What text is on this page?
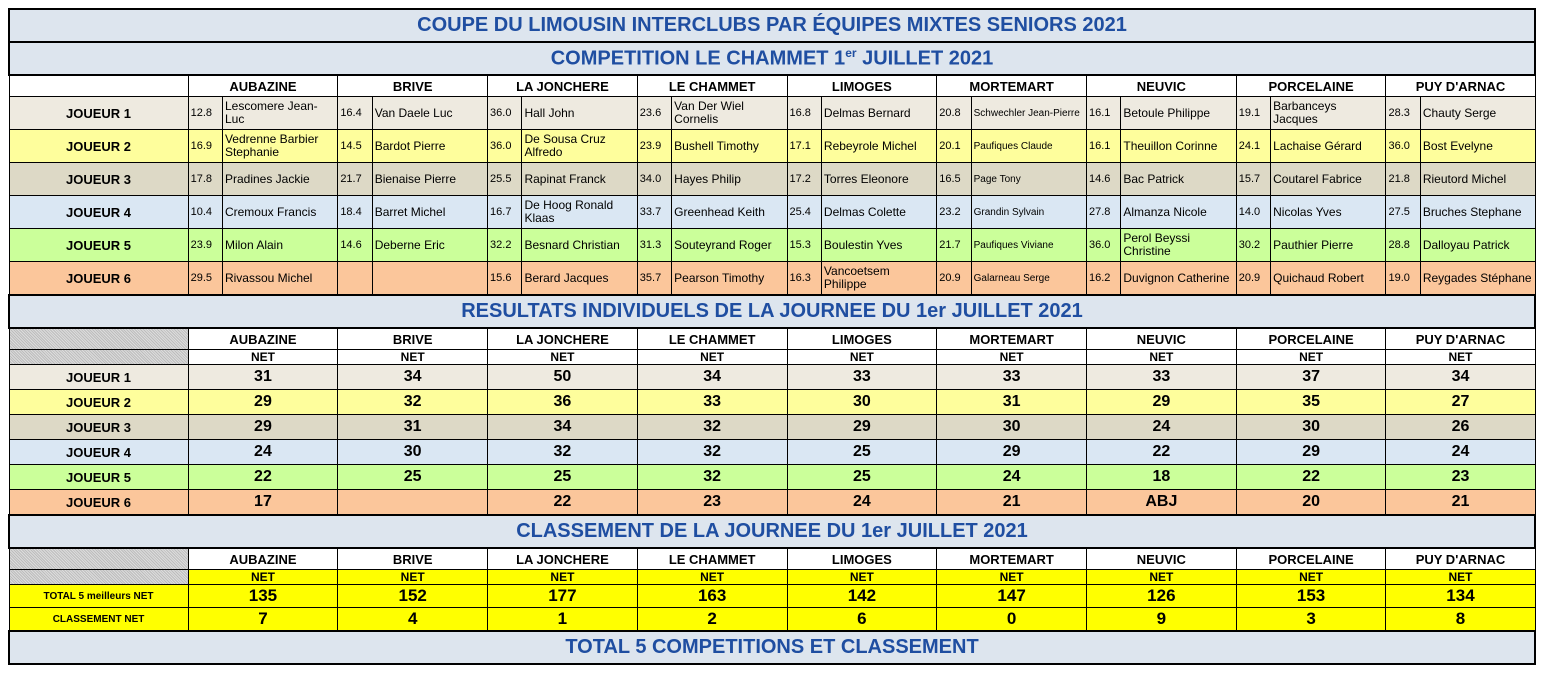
COUPE DU LIMOUSIN INTERCLUBS PAR ÉQUIPES MIXTES SENIORS 2021																		
COMPETITION LE CHAMMET 1er JUILLET 2021																		
	AUBAZINE		BRIVE		LA JONCHERE		LE CHAMMET		LIMOGES		MORTEMART		NEUVIC		PORCELAINE		PUY D'ARNAC	
JOUEUR 1	12.8	Lescomere Jean-Luc	16.4	Van Daele Luc	36.0	Hall John	23.6	Van Der Wiel Cornelis	16.8	Delmas Bernard	20.8	Schwechler Jean-Pierre	16.1	Betoule Philippe	19.1	Barbanceys Jacques	28.3	Chauty Serge
JOUEUR 2	16.9	Vedrenne Barbier Stephanie	14.5	Bardot Pierre	36.0	De Sousa Cruz Alfredo	23.9	Bushell Timothy	17.1	Rebeyrole Michel	20.1	Paufiques Claude	16.1	Theuillon Corinne	24.1	Lachaise Gérard	36.0	Bost Evelyne
JOUEUR 3	17.8	Pradines Jackie	21.7	Bienaise Pierre	25.5	Rapinat Franck	34.0	Hayes Philip	17.2	Torres Eleonore	16.5	Page Tony	14.6	Bac Patrick	15.7	Coutarel Fabrice	21.8	Rieutord Michel
JOUEUR 4	10.4	Cremoux Francis	18.4	Barret Michel	16.7	De Hoog Ronald Klaas	33.7	Greenhead Keith	25.4	Delmas Colette	23.2	Grandin Sylvain	27.8	Almanza Nicole	14.0	Nicolas Yves	27.5	Bruches Stephane
JOUEUR 5	23.9	Milon Alain	14.6	Deberne Eric	32.2	Besnard Christian	31.3	Souteyrand Roger	15.3	Boulestin Yves	21.7	Paufiques Viviane	36.0	Perol Beyssi Christine	30.2	Pauthier Pierre	28.8	Dalloyau Patrick
JOUEUR 6	29.5	Rivassou Michel			15.6	Berard Jacques	35.7	Pearson Timothy	16.3	Vancoetsem Philippe	20.9	Galarneau Serge	16.2	Duvignon Catherine	20.9	Quichaud Robert	19.0	Reygades Stéphane
RESULTATS INDIVIDUELS DE LA JOURNEE DU 1er JUILLET 2021																		
	AUBAZINE		BRIVE		LA JONCHERE		LE CHAMMET		LIMOGES		MORTEMART		NEUVIC		PORCELAINE		PUY D'ARNAC	
	NET		NET		NET		NET		NET		NET		NET		NET		NET	
JOUEUR 1	31		34		50		34		33		33		33		37		34	
JOUEUR 2	29		32		36		33		30		31		29		35		27	
JOUEUR 3	29		31		34		32		29		30		24		30		26	
JOUEUR 4	24		30		32		32		25		29		22		29		24	
JOUEUR 5	22		25		25		32		25		24		18		22		23	
JOUEUR 6	17				22		23		24		21		ABJ		20		21	
CLASSEMENT DE LA JOURNEE DU 1er JUILLET 2021																		
	AUBAZINE		BRIVE		LA JONCHERE		LE CHAMMET		LIMOGES		MORTEMART		NEUVIC		PORCELAINE		PUY D'ARNAC	
	NET		NET		NET		NET		NET		NET		NET		NET		NET	
TOTAL 5 meilleurs NET	135		152		177		163		142		147		126		153		134	
CLASSEMENT NET	7		4		1		2		6		0		9		3		8	
TOTAL 5 COMPETITIONS ET CLASSEMENT																		
